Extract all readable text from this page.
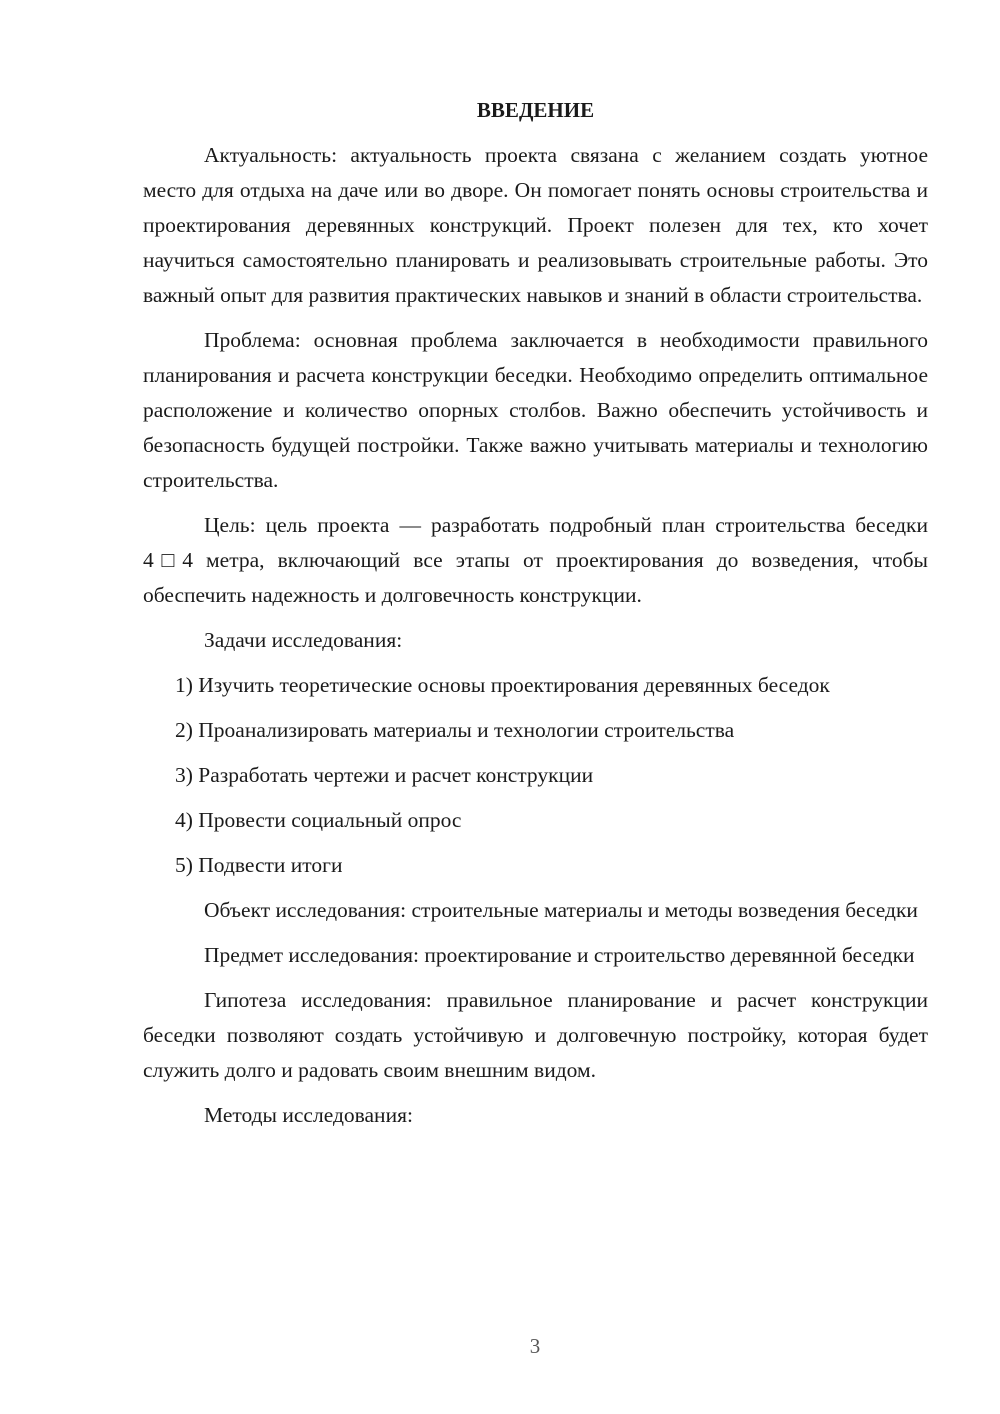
ВВЕДЕНИЕ

Актуальность: актуальность проекта связана с желанием создать уютное место для отдыха на даче или во дворе. Он помогает понять основы строительства и проектирования деревянных конструкций. Проект полезен для тех, кто хочет научиться самостоятельно планировать и реализовывать строительные работы. Это важный опыт для развития практических навыков и знаний в области строительства.

Проблема: основная проблема заключается в необходимости правильного планирования и расчета конструкции беседки. Необходимо определить оптимальное расположение и количество опорных столбов. Важно обеспечить устойчивость и безопасность будущей постройки. Также важно учитывать материалы и технологию строительства.

Цель: цель проекта — разработать подробный план строительства беседки 4□4 метра, включающий все этапы от проектирования до возведения, чтобы обеспечить надежность и долговечность конструкции.

Задачи исследования:

1) Изучить теоретические основы проектирования деревянных беседок

2) Проанализировать материалы и технологии строительства

3) Разработать чертежи и расчет конструкции

4) Провести социальный опрос

5) Подвести итоги

Объект исследования: строительные материалы и методы возведения беседки

Предмет исследования: проектирование и строительство деревянной беседки

Гипотеза исследования: правильное планирование и расчет конструкции беседки позволяют создать устойчивую и долговечную постройку, которая будет служить долго и радовать своим внешним видом.

Методы исследования:

3
